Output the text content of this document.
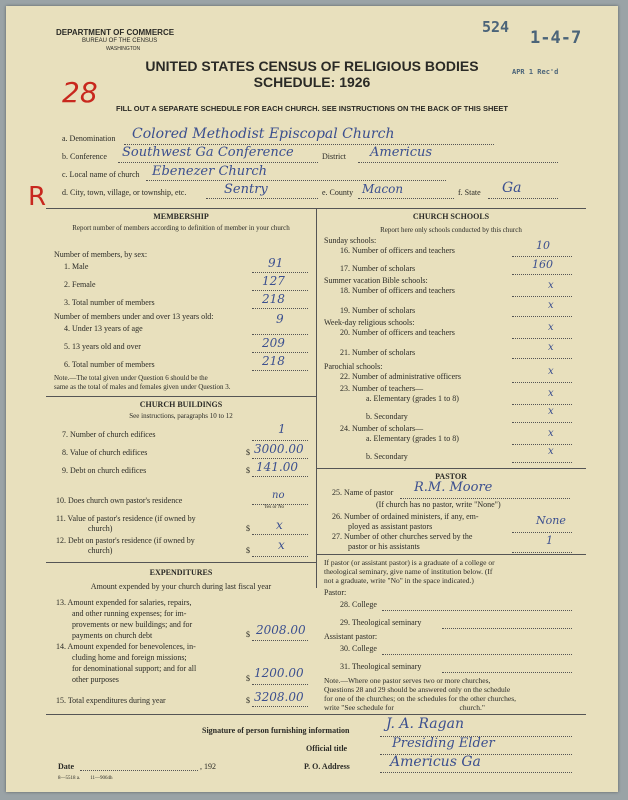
524
1-4-7
APR 1 Rec'd
DEPARTMENT OF COMMERCE
BUREAU OF THE CENSUS
WASHINGTON
UNITED STATES CENSUS OF RELIGIOUS BODIES
SCHEDULE: 1926
28	FILL OUT A SEPARATE SCHEDULE FOR EACH CHURCH. SEE INSTRUCTIONS ON THE BACK OF THIS SHEET
a. Denomination Colored Methodist Episcopal Church
b. Conference Southwest Ga Conference	District Americus
c. Local name of church Ebenezer Church
R d. City, town, village, or township, etc.	Sentry	e. County Macon	f. State Ga
MEMBERSHIP
Report number of members according to definition of member in your church
Number of members, by sex:
1. Male	91
2. Female	127
3. Total number of members	218
Number of members under and over 13 years old:
4. Under 13 years of age
9
5. 13 years old and over	209
6. Total number of members	218
Note.—The total given under Question 6 should be the
same as the total of males and females given under Question 3.
CHURCH BUILDINGS
See instructions, paragraphs 10 to 12
7. Number of church edifices	1
8. Value of church edifices	$ 3000.00
9. Debt on church edifices	$ 141.00
10. Does church own pastor's residence	no
Yes or No
11. Value of pastor's residence (if owned by
church)	$ x
12. Debt on pastor's residence (if owned by
church)	$ x
EXPENDITURES
Amount expended by your church during last fiscal year
13. Amount expended for salaries, repairs,
and other running expenses; for im-
provements or new buildings; and for
payments on church debt	$ 2008.00
14. Amount expended for benevolences, in-
cluding home and foreign missions;
for denominational support; and for all
other purposes	$ 1200.00
15. Total expenditures during year	$ 3208.00
CHURCH SCHOOLS
Report here only schools conducted by this church
Sunday schools:
16. Number of officers and teachers	10
17. Number of scholars	160
Summer vacation Bible schools:
18. Number of officers and teachers	x
19. Number of scholars	x
Week-day religious schools:
20. Number of officers and teachers	x
21. Number of scholars	x
Parochial schools:
22. Number of administrative officers	x
23. Number of teachers—
a. Elementary (grades 1 to 8)	x
b. Secondary	x
24. Number of scholars—
a. Elementary (grades 1 to 8)	x
b. Secondary	x
PASTOR
25. Name of pastor R.M. Moore
(If church has no pastor, write "None")
26. Number of ordained ministers, if any, em-
ployed as assistant pastors	None
27. Number of other churches served by the
pastor or his assistants	1
If pastor (or assistant pastor) is a graduate of a college or
theological seminary, give name of institution below. (If
not a graduate, write "No" in the space indicated.)
Pastor:
28. College
29. Theological seminary
Assistant pastor:
30. College
31. Theological seminary
Note.—Where one pastor serves two or more churches,
Questions 28 and 29 should be answered only on the schedule
for one of the churches; on the schedules for the other churches,
write "See schedule for                                   church."
Signature of person furnishing information	J. A. Ragan
Official title	Presiding Elder
Date	, 192	P. O. Address	Americus Ga
8—5518 a.        11—9064h
